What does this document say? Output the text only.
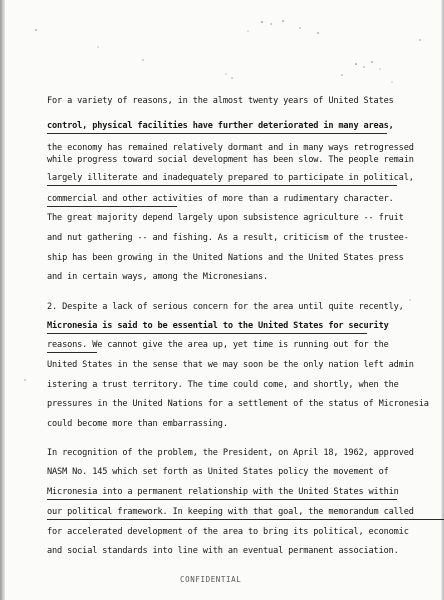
For a variety of reasons, in the almost twenty years of United States
control, physical facilities have further deteriorated in many areas,
the economy has remained relatively dormant and in many ways retrogressed
while progress toward social development has been slow. The people remain
largely illiterate and inadequately prepared to participate in political,
commercial and other activities of more than a rudimentary character.
The great majority depend largely upon subsistence agriculture -- fruit
and nut gathering -- and fishing. As a result, criticism of the trustee-
ship has been growing in the United Nations and the United States press
and in certain ways, among the Micronesians.
2. Despite a lack of serious concern for the area until quite recently,
Micronesia is said to be essential to the United States for security
reasons. We cannot give the area up, yet time is running out for the
United States in the sense that we may soon be the only nation left admin
istering a trust territory. The time could come, and shortly, when the
pressures in the United Nations for a settlement of the status of Micronesia
could become more than embarrassing.
In recognition of the problem, the President, on April 18, 1962, approved
NASM No. 145 which set forth as United States policy the movement of
Micronesia into a permanent relationship with the United States within
our political framework. In keeping with that goal, the memorandum called
for accelerated development of the area to bring its political, economic
and social standards into line with an eventual permanent association.
CONFIDENTIAL
